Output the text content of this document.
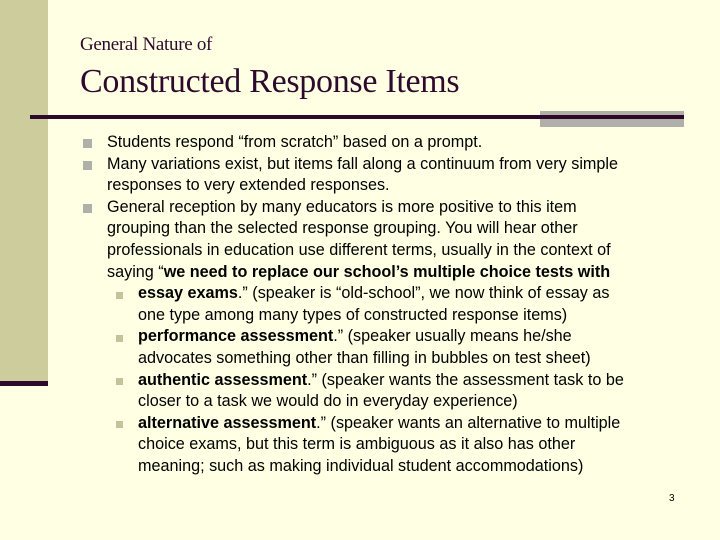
General Nature of
Constructed Response Items
Students respond “from scratch” based on a prompt.
Many variations exist, but items fall along a continuum from very simple
responses to very extended responses.
General reception by many educators is more positive to this item
grouping than the selected response grouping. You will hear other
professionals in education use different terms, usually in the context of
saying “we need to replace our school’s multiple choice tests with
essay exams.” (speaker is “old-school”, we now think of essay as
one type among many types of constructed response items)
performance assessment.” (speaker usually means he/she
advocates something other than filling in bubbles on test sheet)
authentic assessment.” (speaker wants the assessment task to be
closer to a task we would do in everyday experience)
alternative assessment.” (speaker wants an alternative to multiple
choice exams, but this term is ambiguous as it also has other
meaning; such as making individual student accommodations)
3
